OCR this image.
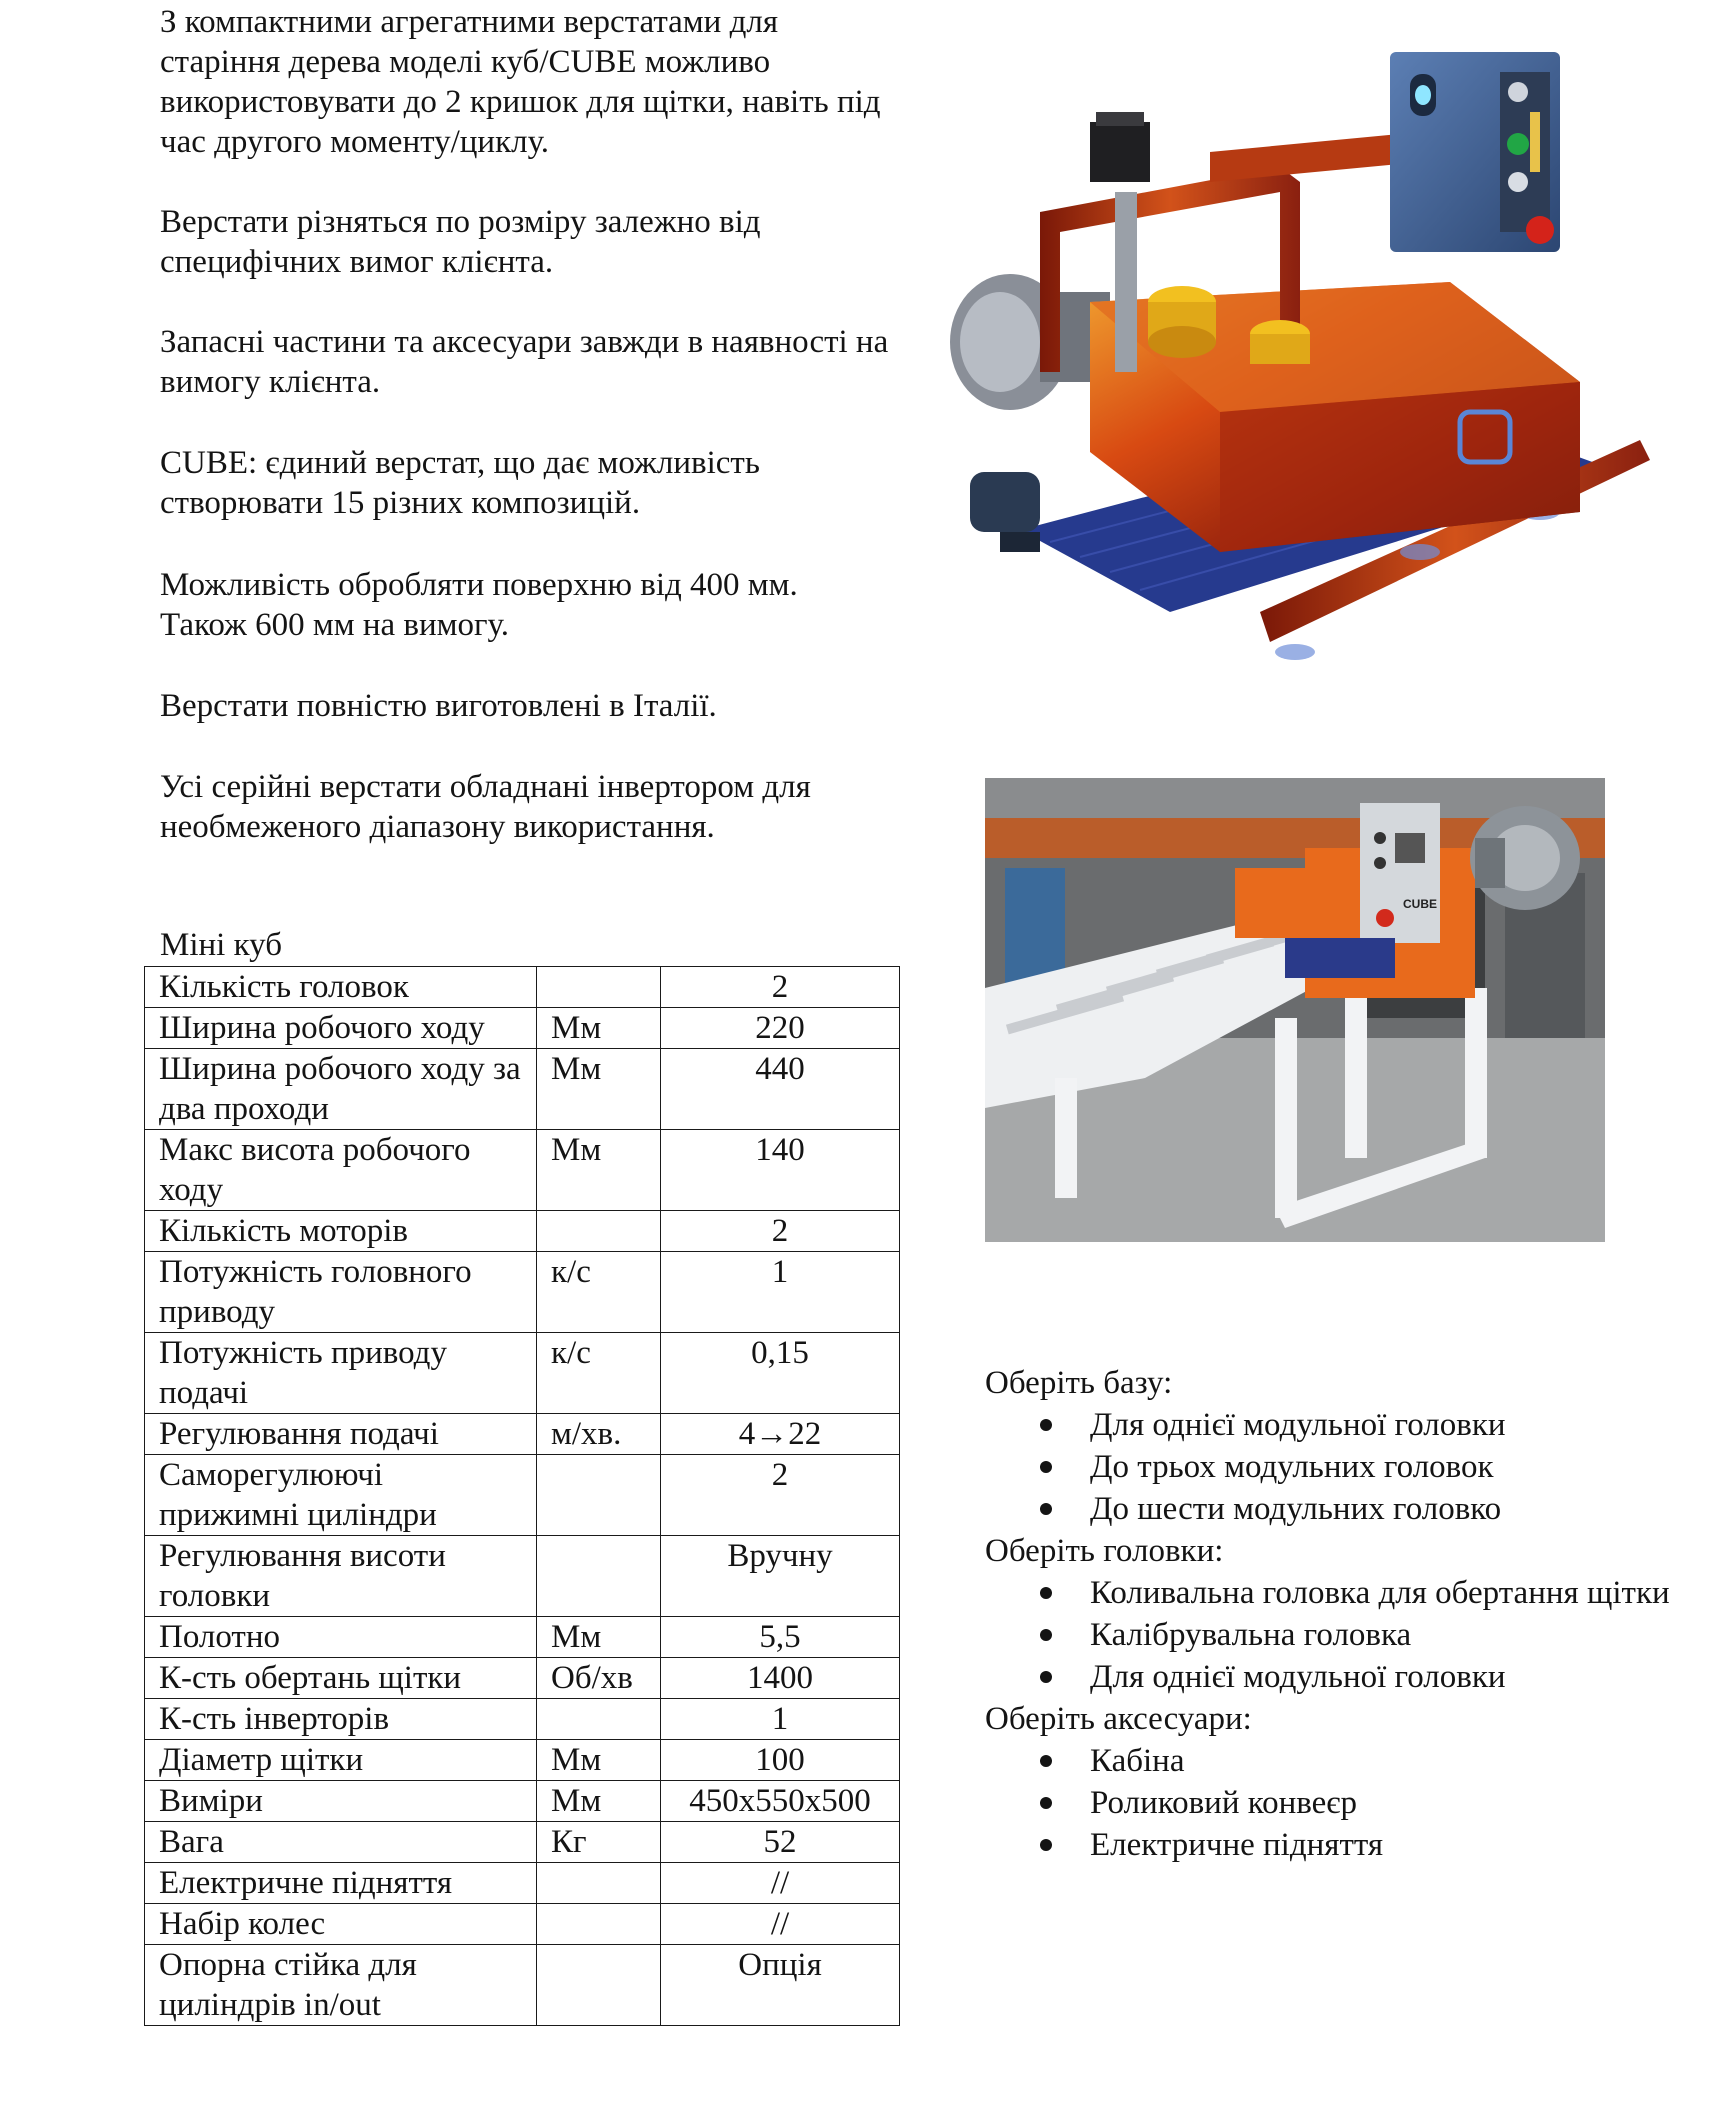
З компактними агрегатними верстатами для старіння дерева моделі куб/CUBE можливо використовувати до 2 кришок для щітки, навіть під час другого моменту/циклу.

Верстати різняться по розміру залежно від специфічних вимог клієнта.

Запасні частини та аксесуари завжди в наявності на вимогу клієнта.

CUBE: єдиний верстат, що дає можливість створювати 15 різних композицій.

Можливість обробляти поверхню від 400 мм.
Також 600 мм на вимогу.

Верстати повністю виготовлені в Італії.

Усі серійні верстати обладнані інвертором для необмеженого діапазону використання.

Міні куб

Кількість головок		2
Ширина робочого ходу	Мм	220
Ширина робочого ходу за два проходи	Мм	440
Макс висота робочого ходу	Мм	140
Кількість моторів		2
Потужність головного приводу	к/с	1
Потужність приводу подачі	к/с	0,15
Регулювання подачі	м/хв.	4→22
Саморегулюючі прижимні циліндри		2
Регулювання висоти головки		Вручну
Полотно	Мм	5,5
К-сть обертань щітки	Об/хв	1400
К-сть інверторів		1
Діаметр щітки	Мм	100
Виміри	Мм	450х550х500
Вага	Кг	52
Електричне підняття		//
Набір колес		//
Опорна стійка для циліндрів in/out		Опція
CUBE

Оберіть базу:

Для однієї модульної головки
До трьох модульних головок
До шести модульних головко

Оберіть головки:

Коливальна головка для обертання щітки
Калібрувальна головка
Для однієї модульної головки

Оберіть аксесуари:

Кабіна
Роликовий конвеєр
Електричне підняття
